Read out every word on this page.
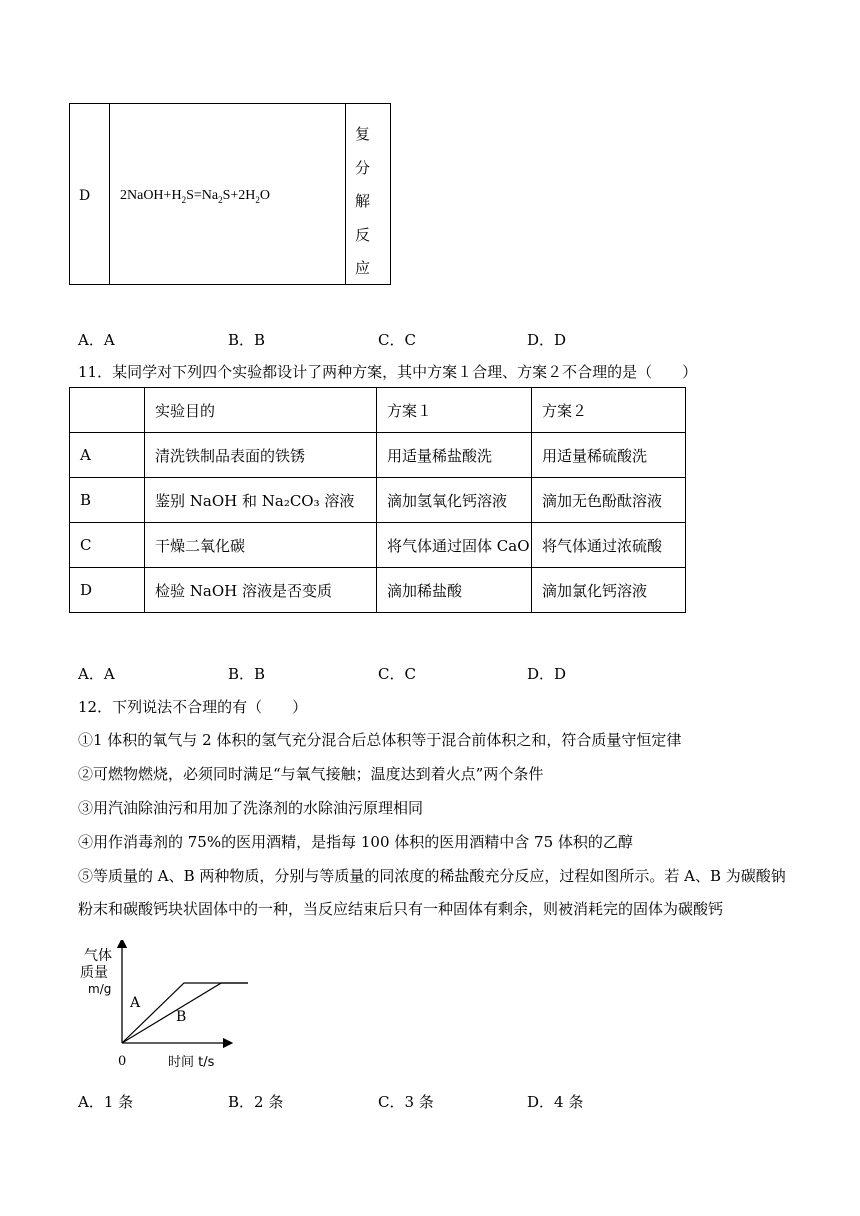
D $2NaOH+H_2S=Na_2S+2H_2O$
复
分
解
反
应
A．A	B．B	C．C	D．D
11．某同学对下列四个实验都设计了两种方案，其中方案１合理、方案２不合理的是（　　）
	实验目的	方案１	方案２
A	清洗铁制品表面的铁锈	用适量稀盐酸洗	用适量稀硫酸洗
B	鉴别 NaOH 和 Na₂CO₃ 溶液	滴加氢氧化钙溶液	滴加无色酚酞溶液
C	干燥二氧化碳	将气体通过固体 CaO	将气体通过浓硫酸
D	检验 NaOH 溶液是否变质	滴加稀盐酸	滴加氯化钙溶液
A．A	B．B	C．C	D．D
12．下列说法不合理的有（　　）
①1 体积的氧气与 2 体积的氢气充分混合后总体积等于混合前体积之和，符合质量守恒定律
②可燃物燃烧，必须同时满足“与氧气接触；温度达到着火点”两个条件
③用汽油除油污和用加了洗涤剂的水除油污原理相同
④用作消毒剂的 75%的医用酒精，是指每 100 体积的医用酒精中含 75 体积的乙醇
⑤等质量的 A、B 两种物质，分别与等质量的同浓度的稀盐酸充分反应，过程如图所示。若 A、B 为碳酸钠
粉末和碳酸钙块状固体中的一种，当反应结束后只有一种固体有剩余，则被消耗完的固体为碳酸钙
气体
质量
m/g
A
B
0	时间 t/s
A．1 条	B．2 条	C．3 条	D．4 条
